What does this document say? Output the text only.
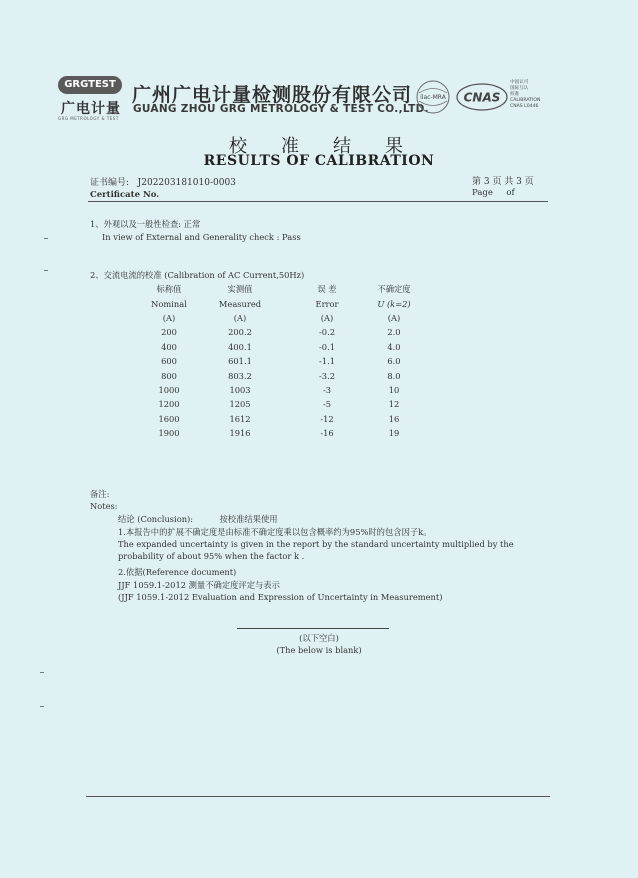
GRGTEST
广电计量
GRG METROLOGY & TEST
广州广电计量检测股份有限公司
GUANG ZHOU GRG METROLOGY & TEST CO.,LTD.
ilac-MRA CNAS
中国认可
国际互认
校准
CALIBRATION
CNAS L0446
校准结果
RESULTS OF CALIBRATION
证书编号: J202203181010-0003
Certificate No.
第 3 页 共 3 页
Page     of
1、外观以及一般性检查: 正常
In view of External and Generality check : Pass
2、交流电流的校准 (Calibration of AC Current,50Hz)
标称值	实测值	误 差	不确定度
Nominal	Measured	Error	U (k=2)
(A)	(A)	(A)	(A)
200	200.2	-0.2	2.0
400	400.1	-0.1	4.0
600	601.1	-1.1	6.0
800	803.2	-3.2	8.0
1000	1003	-3	10
1200	1205	-5	12
1600	1612	-12	16
1900	1916	-16	19
备注:
Notes:
结论 (Conclusion):          按校准结果使用
1.本报告中的扩展不确定度是由标准不确定度乘以包含概率约为95%时的包含因子k。
The expanded uncertainty is given in the report by the standard uncertainty multiplied by the
probability of about 95% when the factor k .
2.依据(Reference document)
JJF 1059.1-2012 测量不确定度评定与表示
(JJF 1059.1-2012 Evaluation and Expression of Uncertainty in Measurement)
(以下空白)
(The below is blank)
